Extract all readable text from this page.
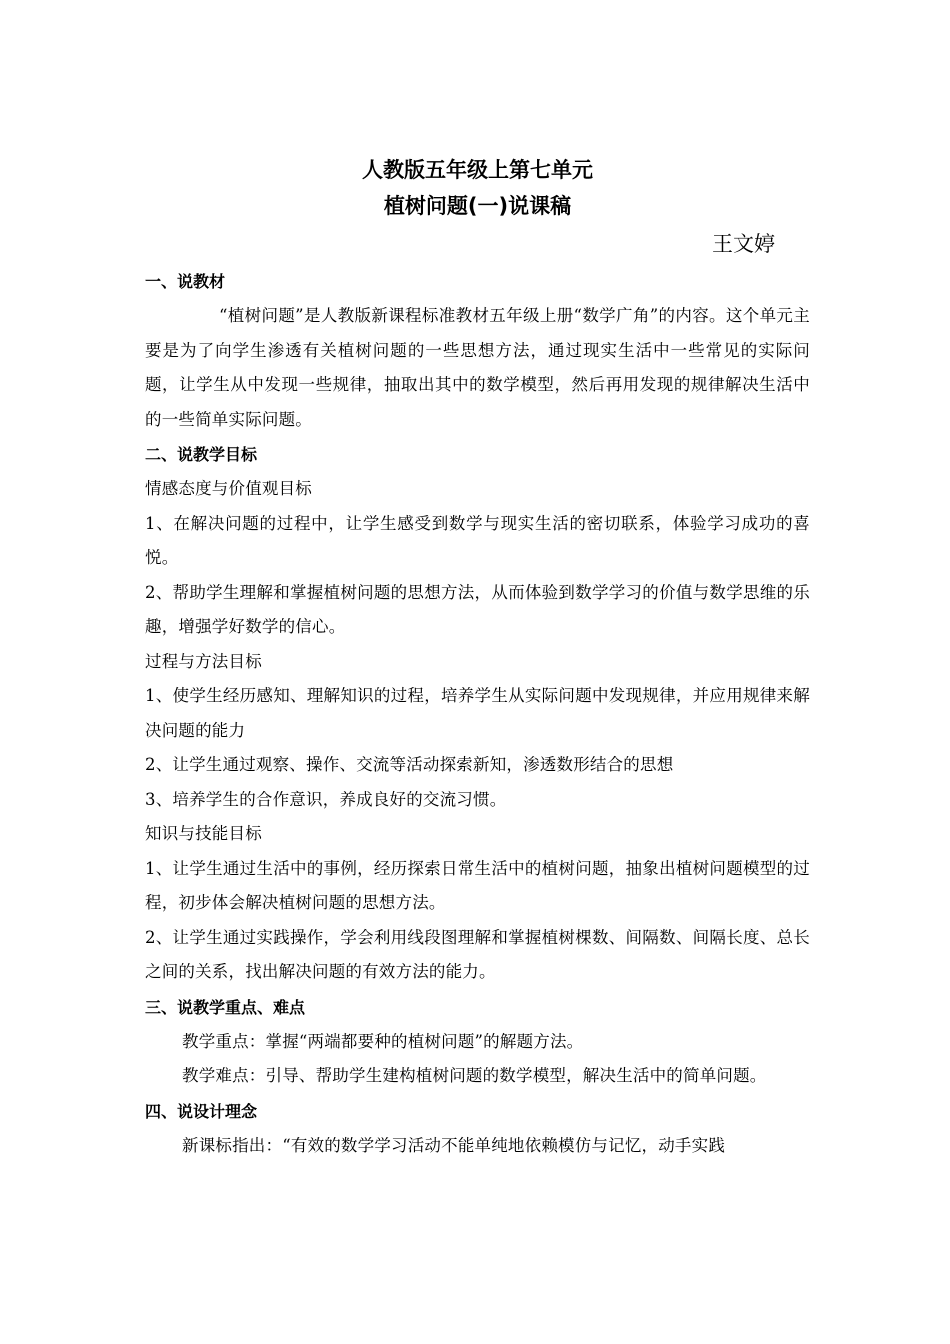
人教版五年级上第七单元
植树问题(一)说课稿

王文婷

一、说教材

“植树问题”是人教版新课程标准教材五年级上册“数学广角”的内容。这个单元主要是为了向学生渗透有关植树问题的一些思想方法，通过现实生活中一些常见的实际问题，让学生从中发现一些规律，抽取出其中的数学模型，然后再用发现的规律解决生活中的一些简单实际问题。

二、说教学目标

情感态度与价值观目标

1、在解决问题的过程中，让学生感受到数学与现实生活的密切联系，体验学习成功的喜悦。

2、帮助学生理解和掌握植树问题的思想方法，从而体验到数学学习的价值与数学思维的乐趣，增强学好数学的信心。

过程与方法目标

1、使学生经历感知、理解知识的过程，培养学生从实际问题中发现规律，并应用规律来解决问题的能力

2、让学生通过观察、操作、交流等活动探索新知，渗透数形结合的思想

3、培养学生的合作意识，养成良好的交流习惯。

知识与技能目标

1、让学生通过生活中的事例，经历探索日常生活中的植树问题，抽象出植树问题模型的过程，初步体会解决植树问题的思想方法。

2、让学生通过实践操作，学会利用线段图理解和掌握植树棵数、间隔数、间隔长度、总长之间的关系，找出解决问题的有效方法的能力。

三、说教学重点、难点

教学重点：掌握“两端都要种的植树问题”的解题方法。

教学难点：引导、帮助学生建构植树问题的数学模型，解决生活中的简单问题。

四、说设计理念

新课标指出：“有效的数学学习活动不能单纯地依赖模仿与记忆，动手实践
